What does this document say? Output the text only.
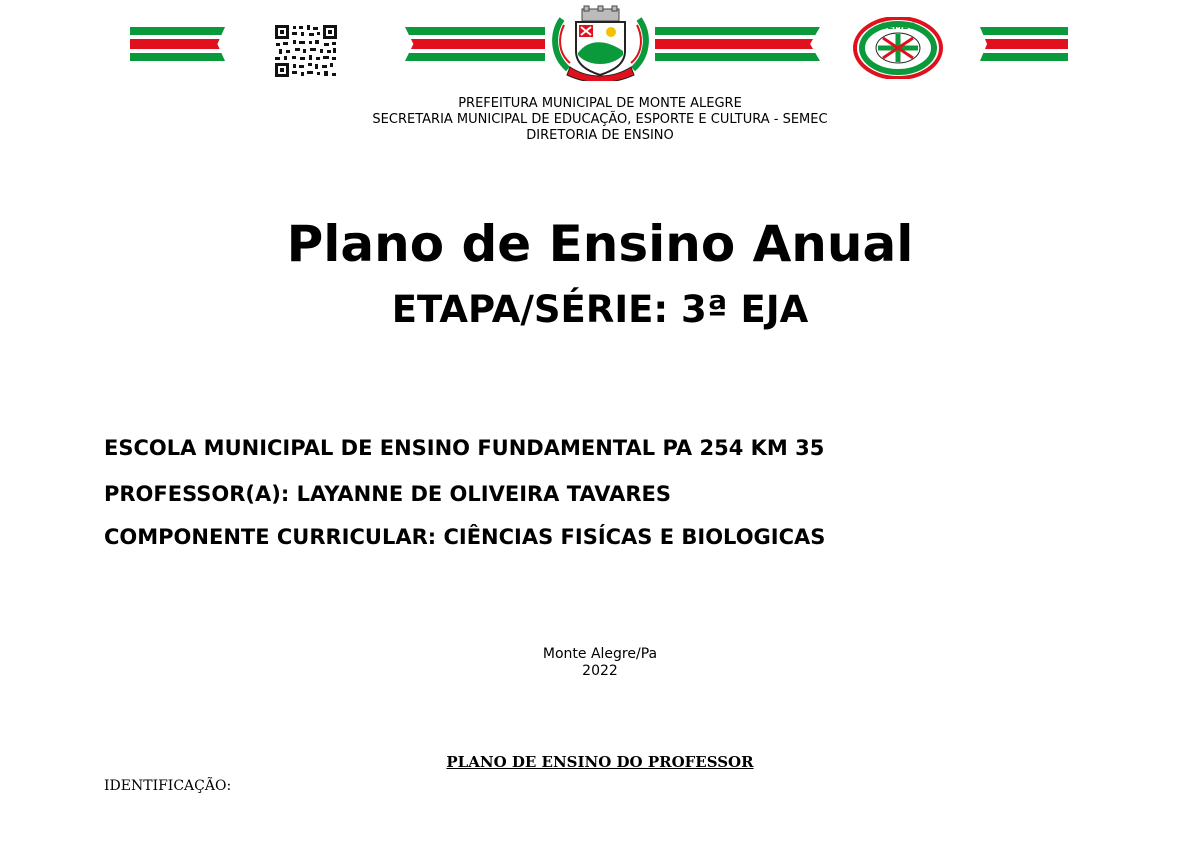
SEMEC
PREFEITURA MUNICIPAL DE MONTE ALEGRE
SECRETARIA MUNICIPAL DE EDUCAÇÃO, ESPORTE E CULTURA - SEMEC
DIRETORIA DE ENSINO
Plano de Ensino Anual
ETAPA/SÉRIE: 3ª EJA
ESCOLA MUNICIPAL DE ENSINO FUNDAMENTAL PA 254 KM 35
PROFESSOR(A): LAYANNE DE OLIVEIRA TAVARES
COMPONENTE CURRICULAR: CIÊNCIAS FISÍCAS E BIOLOGICAS
Monte Alegre/Pa
2022
PLANO DE ENSINO DO PROFESSOR
IDENTIFICAÇÃO:
